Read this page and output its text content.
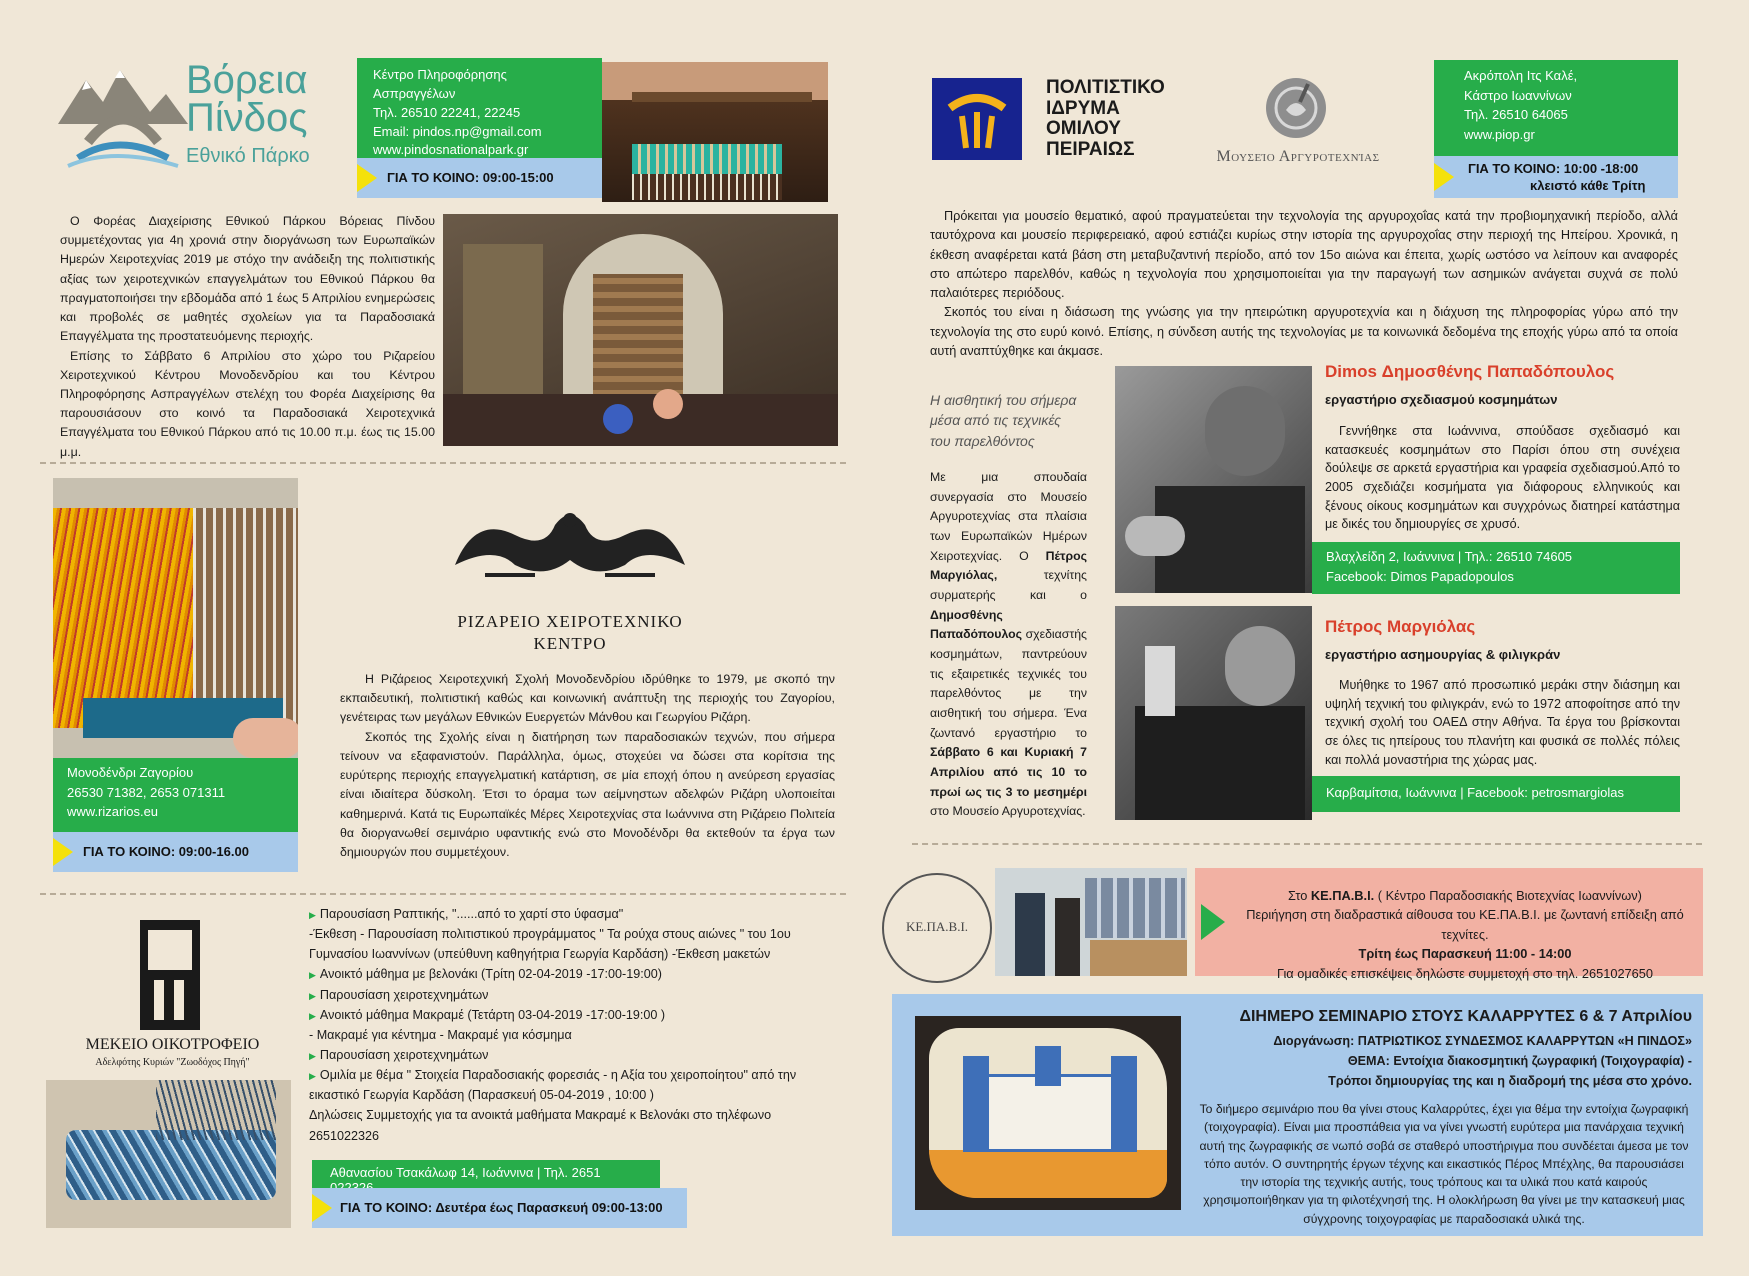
Βόρεια
Πίνδος
Εθνικό Πάρκο
Κέντρο Πληροφόρησης Ασπραγγέλων
Τηλ. 26510 22241, 22245
Email: pindos.np@gmail.com
www.pindosnationalpark.gr
ΓΙΑ ΤΟ ΚΟΙΝΟ: 09:00-15:00

Ο Φορέας Διαχείρισης Εθνικού Πάρκου Βόρειας Πίνδου συμμετέχοντας για 4η χρονιά στην διοργάνωση των Ευρωπαϊκών Ημερών Χειροτεχνίας 2019 με στόχο την ανάδειξη της πολιτιστικής αξίας των χειροτεχνικών επαγγελμάτων του Εθνικού Πάρκου θα πραγματοποιήσει την εβδομάδα από 1 έως 5 Απριλίου ενημερώσεις και προβολές σε μαθητές σχολείων για τα Παραδοσιακά Επαγγέλματα της προστατευόμενης περιοχής.

Επίσης το Σάββατο 6 Απριλίου στο χώρο του Ριζαρείου Χειροτεχνικού Κέντρου Μονοδενδρίου και του Κέντρου Πληροφόρησης Ασπραγγέλων στελέχη του Φορέα Διαχείρισης θα παρουσιάσουν στο κοινό τα Παραδοσιακά Χειροτεχνικά Επαγγέλματα του Εθνικού Πάρκου από τις 10.00 π.μ. έως τις 15.00 μ.μ.

Μονοδένδρι Ζαγορίου
26530 71382, 2653 071311
www.rizarios.eu
ΓΙΑ ΤΟ ΚΟΙΝΟ: 09:00-16.00
ΡΙΖΑΡΕΙΟ ΧΕΙΡΟΤΕΧΝΙΚΟ
ΚΕΝΤΡΟ

Η Ριζάρειος Χειροτεχνική Σχολή Μονοδενδρίου ιδρύθηκε το 1979, με σκοπό την εκπαιδευτική, πολιτιστική καθώς και κοινωνική ανάπτυξη της περιοχής του Ζαγορίου, γενέτειρας των μεγάλων Εθνικών Ευεργετών Μάνθου και Γεωργίου Ριζάρη.

Σκοπός της Σχολής είναι η διατήρηση των παραδοσιακών τεχνών, που σήμερα τείνουν να εξαφανιστούν. Παράλληλα, όμως, στοχεύει να δώσει στα κορίτσια της ευρύτερης περιοχής επαγγελματική κατάρτιση, σε μία εποχή όπου η ανεύρεση εργασίας είναι ιδιαίτερα δύσκολη. Έτσι το όραμα των αείμνηστων αδελφών Ριζάρη υλοποιείται καθημερινά. Κατά τις Ευρωπαϊκές Μέρες Χειροτεχνίας στα Ιωάννινα στη Ριζάρειο Πολιτεία θα διοργανωθεί σεμινάριο υφαντικής ενώ στο Μονοδένδρι θα εκτεθούν τα έργα των δημιουργών που συμμετέχουν.

ΜΕΚΕΙΟ ΟΙΚΟΤΡΟΦΕΙΟ
Αδελφότης Κυριών "Ζωοδόχος Πηγή"
▶ Παρουσίαση Ραπτικής, "......από το χαρτί στο ύφασμα"
-Έκθεση - Παρουσίαση πολιτιστικού προγράμματος " Τα ρούχα στους αιώνες " του 1ου Γυμνασίου Ιωαννίνων (υπεύθυνη καθηγήτρια Γεωργία Καρδάση) -Έκθεση μακετών
▶ Ανοικτό μάθημα με βελονάκι (Τρίτη 02-04-2019 -17:00-19:00)
▶ Παρουσίαση χειροτεχνημάτων
▶ Ανοικτό μάθημα Μακραμέ (Τετάρτη 03-04-2019 -17:00-19:00 )
- Μακραμέ για κέντημα - Μακραμέ για κόσμημα
▶ Παρουσίαση χειροτεχνημάτων
▶ Ομιλία με θέμα " Στοιχεία Παραδοσιακής φορεσιάς - η Αξία του χειροποίητου" από την εικαστικό Γεωργία Καρδάση (Παρασκευή 05-04-2019 , 10:00 )
Δηλώσεις Συμμετοχής για τα ανοικτά μαθήματα Μακραμέ κ Βελονάκι στο τηλέφωνο 2651022326
Αθανασίου Τσακάλωφ 14, Ιωάννινα | Τηλ. 2651
ΓΙΑ ΤΟ ΚΟΙΝΟ: Δευτέρα έως Παρασκευή 09:00-13:00
ΠΟΛΙΤΙΣΤΙΚΟ
ΙΔΡΥΜΑ
ΟΜΙΛΟΥ
ΠΕΙΡΑΙΩΣ	Μουσείο Αργυροτεχνίας
Ακρόπολη Ιτς Καλέ,
Κάστρο Ιωαννίνων
Τηλ. 26510 64065
www.piop.gr
ΓΙΑ ΤΟ ΚΟΙΝΟ: 10:00 -18:00
κλειστό κάθε Τρίτη

Πρόκειται για μουσείο θεματικό, αφού πραγματεύεται την τεχνολογία της αργυροχοΐας κατά την προβιομηχανική περίοδο, αλλά ταυτόχρονα και μουσείο περιφερειακό, αφού εστιάζει κυρίως στην ιστορία της αργυροχοΐας στην περιοχή της Ηπείρου. Χρονικά, η έκθεση αναφέρεται κατά βάση στη μεταβυζαντινή περίοδο, από τον 15ο αιώνα και έπειτα, χωρίς ωστόσο να λείπουν και αναφορές στο απώτερο παρελθόν, καθώς η τεχνολογία που χρησιμοποιείται για την παραγωγή των ασημικών ανάγεται συχνά σε πολύ παλαιότερες περιόδους.

Σκοπός του είναι η διάσωση της γνώσης για την ηπειρώτικη αργυροτεχνία και η διάχυση της πληροφορίας γύρω από την τεχνολογία της στο ευρύ κοινό. Επίσης, η σύνδεση αυτής της τεχνολογίας με τα κοινωνικά δεδομένα της εποχής γύρω από τα οποία αυτή αναπτύχθηκε και άκμασε.

Η αισθητική του σήμερα
μέσα από τις τεχνικές
του παρελθόντος
Με μια σπουδαία συνεργασία στο Μουσείο Αργυροτεχνίας στα πλαίσια των Ευρωπαϊκών Ημέρων Χειροτεχνίας. Ο Πέτρος Μαργιόλας,	τεχνίτης συρματερής και ο Δημοσθένης Παπαδόπουλος σχεδιαστής κοσμημάτων, παντρεύουν τις εξαιρετικές τεχνικές του παρελθόντος με την αισθητική του σήμερα. Ένα ζωντανό εργαστήριο το Σάββατο 6 και Κυριακή 7 Απριλίου από τις 10 το πρωί ως τις 3 το μεσημέρι στο Μουσείο Αργυροτεχνίας.
Dimos Δημοσθένης Παπαδόπουλος
εργαστήριο σχεδιασμού κοσμημάτων

Γεννήθηκε στα Ιωάννινα, σπούδασε σχεδιασμό και κατασκευές κοσμημάτων στο Παρίσι όπου στη συνέχεια δούλεψε σε αρκετά εργαστήρια και γραφεία σχεδιασμού.Από το 2005 σχεδιάζει κοσμήματα για διάφορους ελληνικούς και ξένους οίκους κοσμημάτων και συγχρόνως διατηρεί κατάστημα με δικές του δημιουργίες σε χρυσό.

Βλαχλείδη 2, Ιωάννινα | Τηλ.: 26510 74605
Facebook: Dimos Papadopoulos
Πέτρος Μαργιόλας
εργαστήριο ασημουργίας & φιλιγκράν

Μυήθηκε το 1967 από προσωπικό μεράκι στην διάσημη και υψηλή τεχνική του φιλιγκράν, ενώ το 1972 αποφοίτησε από την τεχνική σχολή του ΟΑΕΔ στην Αθήνα. Τα έργα του βρίσκονται σε όλες τις ηπείρους του πλανήτη και φυσικά σε πολλές πόλεις και πολλά μοναστήρια της χώρας μας.

Καρβαμίτσια, Ιωάννινα | Facebook: petrosmargiolas
ΚΕ.ΠΑ.Β.Ι.
Στο ΚΕ.ΠΑ.Β.Ι. ( Κέντρο Παραδοσιακής Βιοτεχνίας Ιωαννίνων)
Περιήγηση στη διαδραστικά αίθουσα του ΚΕ.ΠΑ.Β.Ι. με ζωντανή επίδειξη από τεχνίτες.
Τρίτη έως Παρασκευή 11:00 - 14:00
Για ομαδικές επισκέψεις δηλώστε συμμετοχή στο τηλ. 2651027650
ΔΙΗΜΕΡΟ ΣΕΜΙΝΑΡΙΟ ΣΤΟΥΣ ΚΑΛΑΡΡΥΤΕΣ 6 & 7 Απριλίου
Διοργάνωση: ΠΑΤΡΙΩΤΙΚΟΣ ΣΥΝΔΕΣΜΟΣ ΚΑΛΑΡΡΥΤΩΝ «Η ΠΙΝΔΟΣ»
ΘΕΜΑ: Εντοίχια διακοσμητική ζωγραφική (Τοιχογραφία) -
Τρόποι δημιουργίας της και η διαδρομή της μέσα στο χρόνο.
Το διήμερο σεμινάριο που θα γίνει στους Καλαρρύτες, έχει για θέμα την εντοίχια ζωγραφική (τοιχογραφία). Είναι μια προσπάθεια για να γίνει γνωστή ευρύτερα μια πανάρχαια τεχνική αυτή της ζωγραφικής σε νωπό σοβά σε σταθερό υποστήριγμα που συνδέεται άμεσα με τον τόπο αυτόν. Ο συντηρητής έργων τέχνης και εικαστικός Πέρος Μπέχλης, θα παρουσιάσει την ιστορία της τεχνικής αυτής, τους τρόπους και τα υλικά που κατά καιρούς χρησιμοποιήθηκαν για τη φιλοτέχνησή της. Η ολοκλήρωση θα γίνει με την κατασκευή μιας σύγχρονης τοιχογραφίας με παραδοσιακά υλικά της.
